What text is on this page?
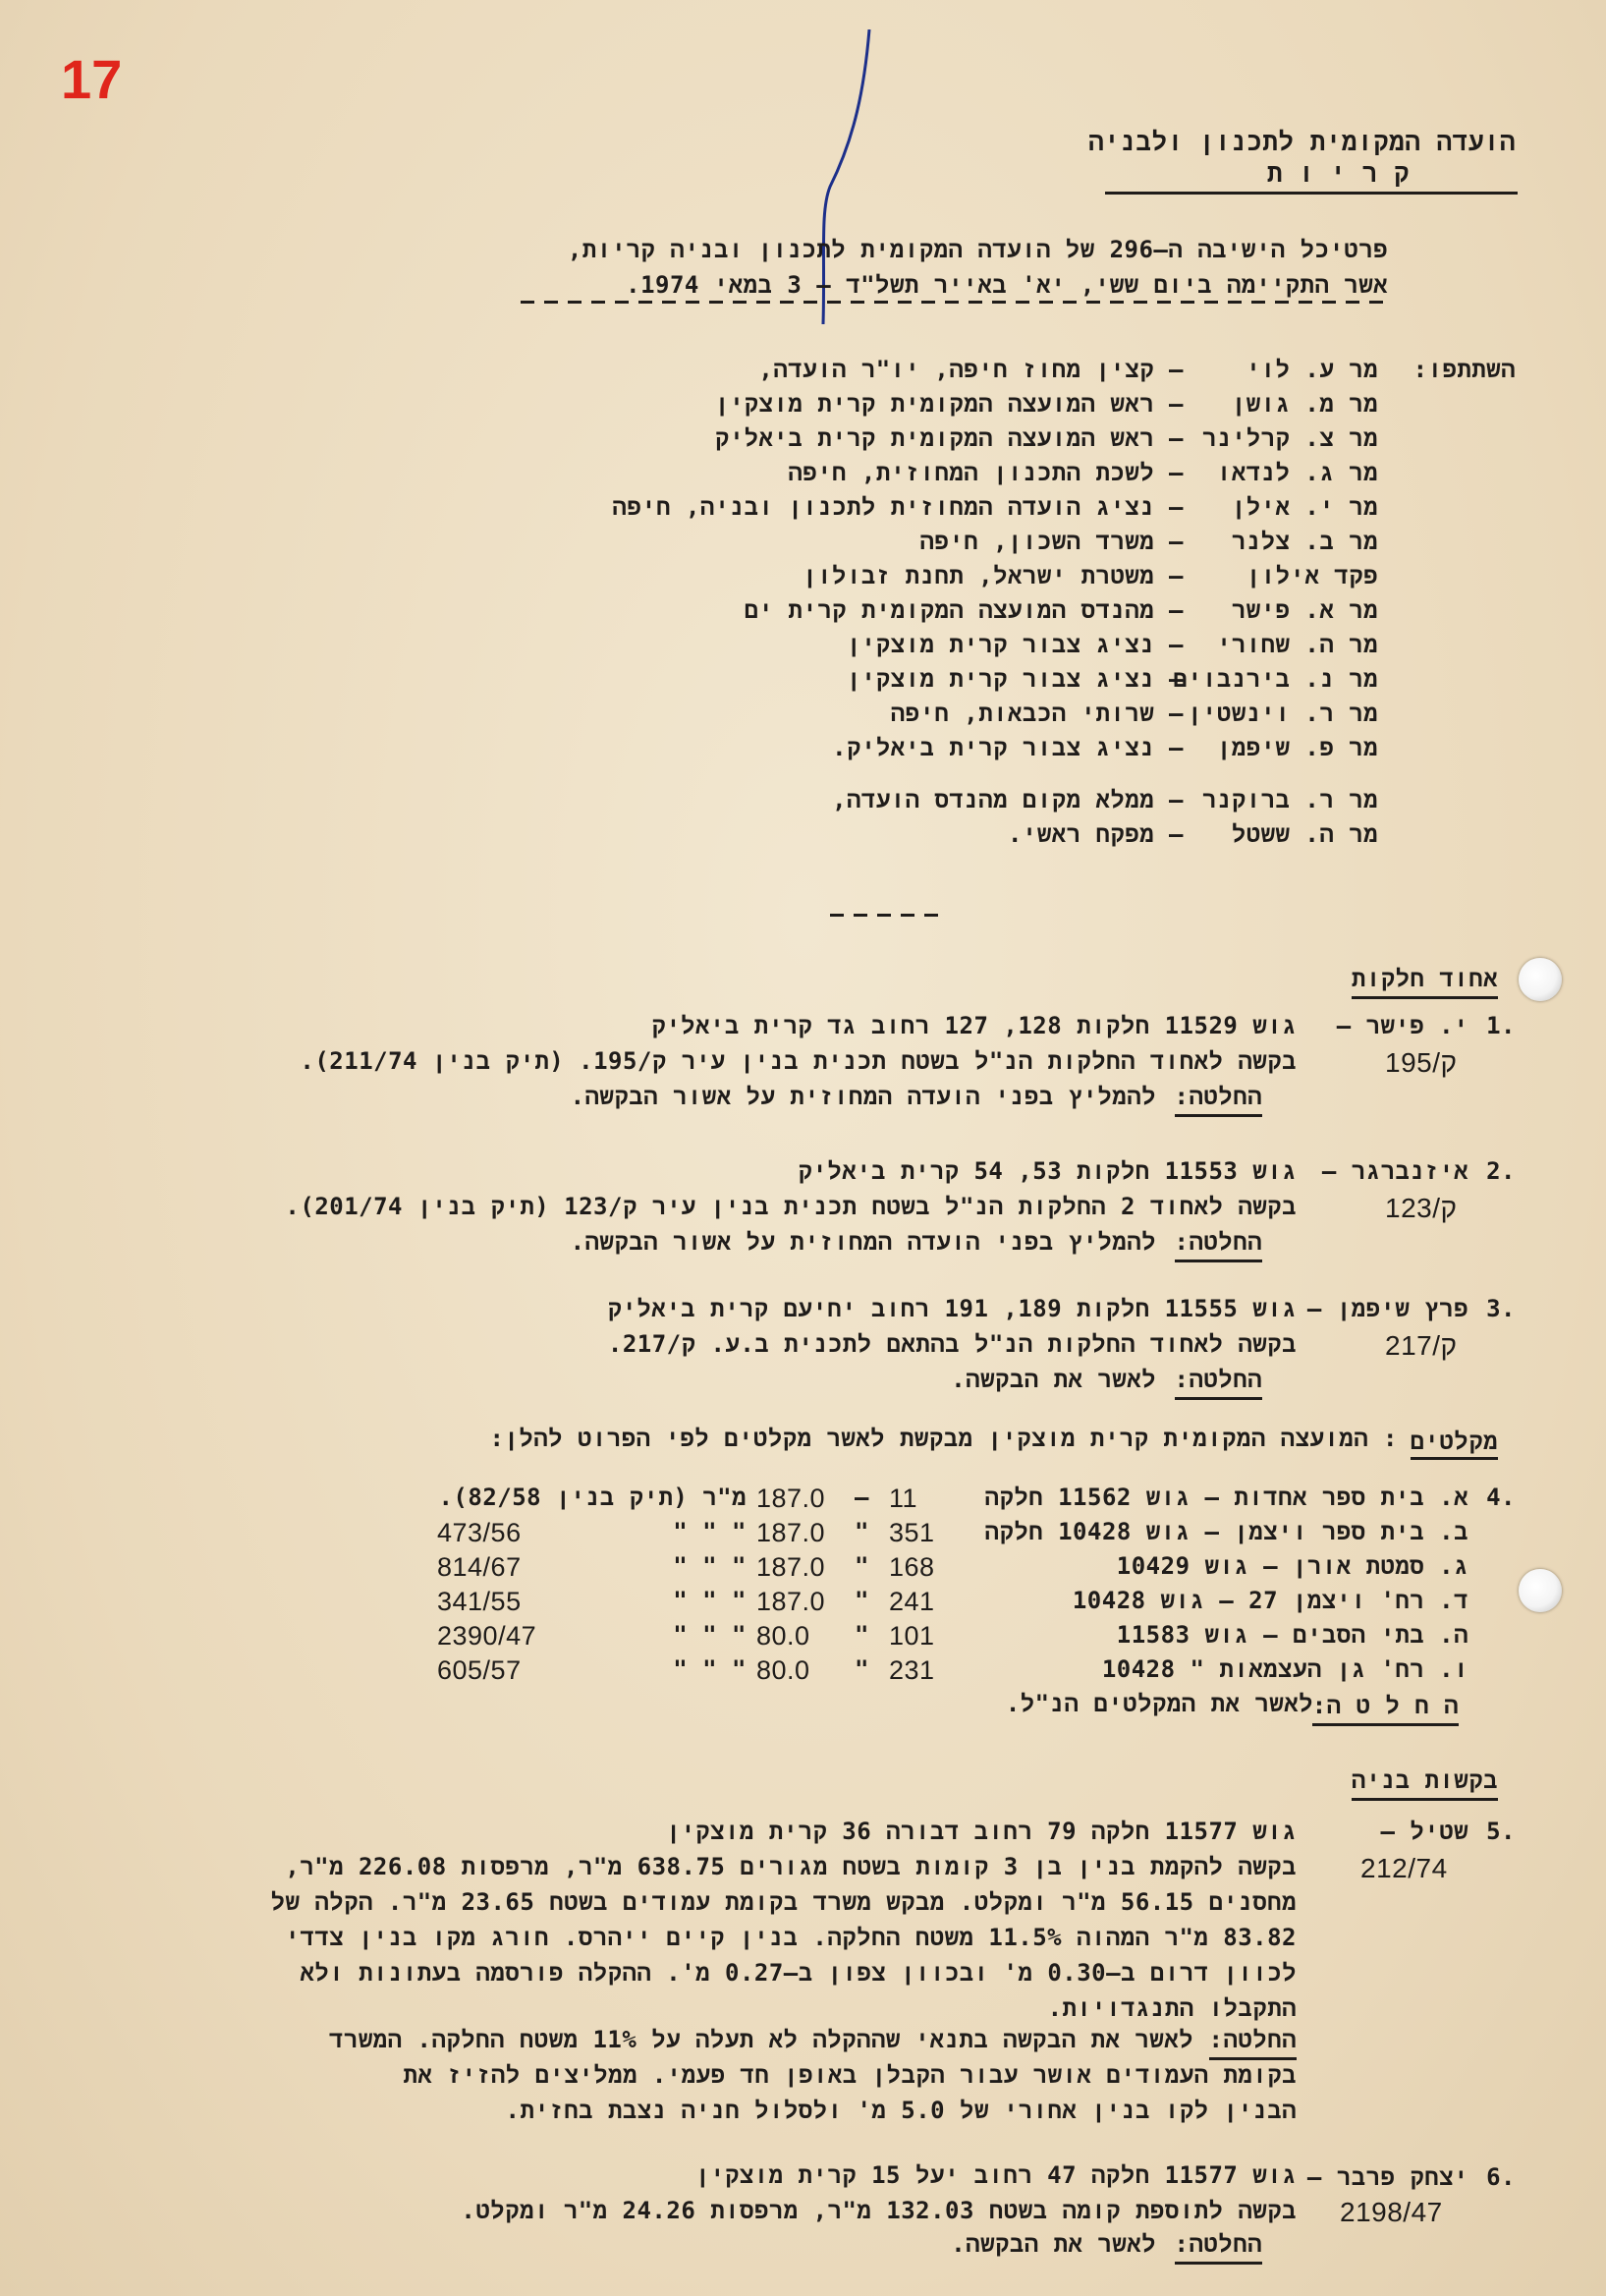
17
הועדה המקומית לתכנון ולבניה
ק ר י ו ת
פרטיכל הישיבה ה–296 של הועדה המקומית לתכנון ובניה קריות,
אשר התקיימה ביום ששי, יא' באייר תשל"ד – 3 במאי 1974.
השתתפו:
מר ע. לוי
– קצין מחוז חיפה, יו"ר הועדה,
מר מ. גושן
– ראש המועצה המקומית קרית מוצקין
מר צ. קרלינר
– ראש המועצה המקומית קרית ביאליק
מר ג. לנדאו
– לשכת התכנון המחוזית, חיפה
מר י. אילן
– נציג הועדה המחוזית לתכנון ובניה, חיפה
מר ב. צלנר
– משרד השכון, חיפה
פקד אילון
– משטרת ישראל, תחנת זבולון
מר א. פישר
– מהנדס המועצה המקומית קרית ים
מר ה. שחורי
– נציג צבור קרית מוצקין
מר נ. בירנבוים
– נציג צבור קרית מוצקין
מר ר. וינשטין
– שרותי הכבאות, חיפה
מר פ. שיפמן
– נציג צבור קרית ביאליק.
מר ר. ברוקנר
– ממלא מקום מהנדס הועדה,
מר ה. ששטל
– מפקח ראשי.
אחוד חלקות
1.
י. פישר –
195/ק
גוש 11529 חלקות 128, 127 רחוב גד קרית ביאליק
בקשה לאחוד החלקות הנ"ל בשטח תכנית בנין עיר ק/195. (תיק בנין 211/74).
החלטה:
להמליץ בפני הועדה המחוזית על אשור הבקשה.
2.
איזנברגר –
123/ק
גוש 11553 חלקות 53, 54 קרית ביאליק
בקשה לאחוד 2 החלקות הנ"ל בשטח תכנית בנין עיר ק/123 (תיק בנין 201/74).
החלטה:
להמליץ בפני הועדה המחוזית על אשור הבקשה.
3.
פרץ שיפמן –
217/ק
גוש 11555 חלקות 189, 191 רחוב יחיעם קרית ביאליק
בקשה לאחוד החלקות הנ"ל בהתאם לתכנית ב.ע. ק/217.
החלטה:
לאשר את הבקשה.
מקלטים
: המועצה המקומית קרית מוצקין מבקשת לאשר מקלטים לפי הפרוט להלן:
4.
א. בית ספר אחדות – גוש 11562 חלקה
11
–
187.0
מ"ר (תיק בנין 82/58).
ב. בית ספר ויצמן – גוש 10428 חלקה
351
"
187.0
" " "
473/56
ג. סמטת אורן – גוש 10429
168
"
187.0
" " "
814/67
ד. רח' ויצמן 27 – גוש 10428
241
"
187.0
" " "
341/55
ה. בתי הסבים – גוש 11583
101
"
80.0
" " "
2390/47
ו. רח' גן העצמאות " 10428
231
"
80.0
" " "
605/57
ה ח ל ט ה:
לאשר את המקלטים הנ"ל.
בקשות בניה
5.
שטיל –
212/74
גוש 11577 חלקה 79 רחוב דבורה 36 קרית מוצקין
בקשה להקמת בנין בן 3 קומות בשטח מגורים 638.75 מ"ר, מרפסות 226.08 מ"ר,
מחסנים 56.15 מ"ר ומקלט. מבקש משרד בקומת עמודים בשטח 23.65 מ"ר. הקלה של
83.82 מ"ר המהוה 11.5% משטח החלקה. בנין קיים ייהרס. חורג מקו בנין צדדי
לכוון דרום ב–0.30 מ' ובכוון צפון ב–0.27 מ'. ההקלה פורסמה בעתונות ולא
התקבלו התנגדויות.
החלטה:
לאשר את הבקשה בתנאי שההקלה לא תעלה על 11% משטח החלקה. המשרד
בקומת העמודים אושר עבור הקבלן באופן חד פעמי. ממליצים להזיז את
הבנין לקו בנין אחורי של 5.0 מ' ולסלול חניה נצבת בחזית.
6.
יצחק פרבר –
2198/47
גוש 11577 חלקה 47 רחוב יעל 15 קרית מוצקין
בקשה לתוספת קומה בשטח 132.03 מ"ר, מרפסות 24.26 מ"ר ומקלט.
החלטה:
לאשר את הבקשה.
